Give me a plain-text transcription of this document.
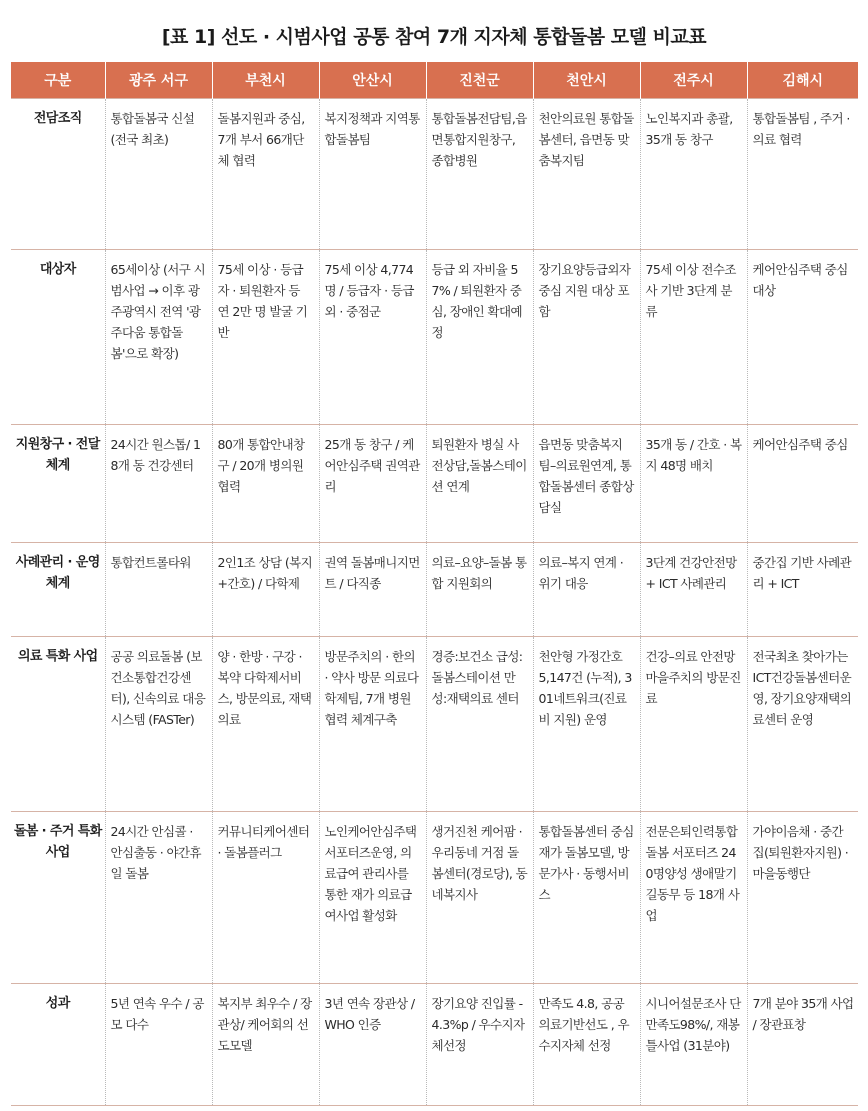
[표 1] 선도 · 시범사업 공통 참여 7개 지자체 통합돌봄 모델 비교표
구분	광주 서구	부천시	안산시	진천군	천안시	전주시	김해시
전담조직	통합돌봄국 신설(전국 최초)	돌봄지원과 중심, 7개 부서 66개단체 협력	복지정책과 지역통합돌봄팀	통합돌봄전담팀,읍면통합지원창구, 종합병원	천안의료원 통합돌봄센터, 읍면동 맞춤복지팀	노인복지과 총괄, 35개 동 창구	통합돌봄팀 , 주거 · 의료 협력
대상자	65세이상 (서구 시범사업 → 이후 광주광역시 전역 '광주다움 통합돌봄'으로 확장)	75세 이상 · 등급자 · 퇴원환자 등 연 2만 명 발굴 기반	75세 이상 4,774명 / 등급자 · 등급외 · 중점군	등급 외 자비율 57% / 퇴원환자 중심, 장애인 확대예정	장기요양등급외자 중심 지원 대상 포함	75세 이상 전수조사 기반 3단계 분류	케어안심주택 중심 대상
지원창구 · 전달체계	24시간 원스톱/ 18개 동 건강센터	80개 통합안내창구 / 20개 병의원 협력	25개 동 창구 / 케어안심주택 권역관리	퇴원환자 병실 사전상담,돌봄스테이션 연계	읍면동 맞춤복지팀–의료원연계, 통합돌봄센터 종합상담실	35개 동 / 간호 · 복지 48명 배치	케어안심주택 중심
사례관리 · 운영체계	통합컨트롤타워	2인1조 상담 (복지+간호) / 다학제	권역 돌봄매니지먼트 / 다직종	의료–요양–돌봄 통합 지원회의	의료–복지 연계 · 위기 대응	3단계 건강안전망 + ICT 사례관리	중간집 기반 사례관리 + ICT
의료 특화 사업	공공 의료돌봄 (보건소통합건강센터), 신속의료 대응시스템 (FASTer)	양 · 한방 · 구강 · 복약 다학제서비스, 방문의료, 재택의료	방문주치의 · 한의 · 약사 방문 의료다학제팀, 7개 병원협력 체계구축	경증:보건소 급성:돌봄스테이션 만성:재택의료 센터	천안형 가정간호 5,147건 (누적), 301네트워크(진료비 지원) 운영	건강–의료 안전망 마을주치의 방문진료	전국최초 찾아가는 ICT건강돌봄센터운영, 장기요양재택의료센터 운영
돌봄 · 주거 특화사업	24시간 안심콜 · 안심출동 · 야간휴일 돌봄	커뮤니티케어센터 · 돌봄플러그	노인케어안심주택서포터즈운영, 의료급여 관리사를 통한 재가 의료급여사업 활성화	생거진천 케어팜 · 우리동네 거점 돌봄센터(경로당), 동네복지사	통합돌봄센터 중심 재가 돌봄모델, 방문가사 · 동행서비스	전문은퇴인력통합돌봄 서포터즈 240명양성 생애말기 길동무 등 18개 사업	가야이음채 · 중간집(퇴원환자지원) · 마을동행단
성과	5년 연속 우수 / 공모 다수	복지부 최우수 / 장관상/ 케어회의 선도모델	3년 연속 장관상 / WHO 인증	장기요양 진입률 -4.3%p / 우수지자체선정	만족도 4.8, 공공의료기반선도 , 우수지자체 선정	시니어설문조사 단만족도98%/, 재봉틀사업 (31분야)	7개 분야 35개 사업 / 장관표창
